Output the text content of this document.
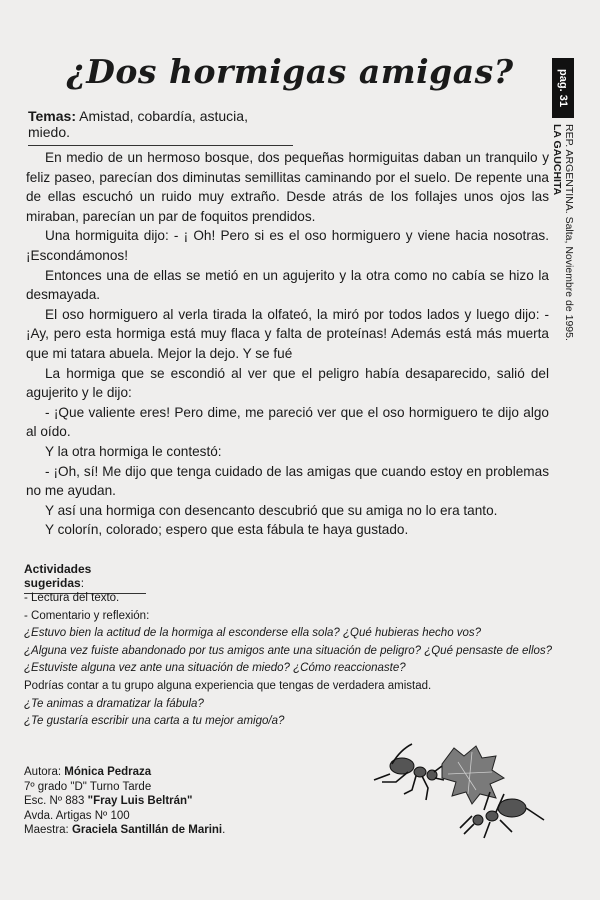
¿Dos hormigas amigas?
Temas: Amistad, cobardía, astucia, miedo.

En medio de un hermoso bosque, dos pequeñas hormiguitas daban un tranquilo y feliz paseo, parecían dos diminutas semillitas caminando por el suelo. De repente una de ellas escuchó un ruido muy extraño. Desde atrás de los follajes unos ojos las miraban, parecían un par de foquitos prendidos.

Una hormiguita dijo: - ¡ Oh! Pero si es el oso hormiguero y viene hacia nosotras. ¡Escondámonos!

Entonces una de ellas se metió en un agujerito y la otra como no cabía se hizo la desmayada.

El oso hormiguero al verla tirada la olfateó, la miró por todos lados y luego dijo: - ¡Ay, pero esta hormiga está muy flaca y falta de proteínas! Además está más muerta que mi tatara abuela. Mejor la dejo. Y se fué

La hormiga que se escondió al ver que el peligro había desaparecido, salió del agujerito y le dijo:

- ¡Que valiente eres! Pero dime, me pareció ver que el oso hormiguero te dijo algo al oído.

Y la otra hormiga le contestó:

- ¡Oh, sí! Me dijo que tenga cuidado de las amigas que cuando estoy en problemas no me ayudan.

Y así una hormiga con desencanto descubrió que su amiga no lo era tanto.

Y colorín, colorado; espero que esta fábula te haya gustado.

Actividades sugeridas:
- Lectura del texto.
- Comentario y reflexión:
¿Estuvo bien la actitud de la hormiga al esconderse ella sola? ¿Qué hubieras hecho vos?
¿Alguna vez fuiste abandonado por tus amigos ante una situación de peligro? ¿Qué pensaste de ellos?
¿Estuviste alguna vez ante una situación de miedo? ¿Cómo reaccionaste?
Podrías contar a tu grupo alguna experiencia que tengas de verdadera amistad.
¿Te animas a dramatizar la fábula?
¿Te gustaría escribir una carta a tu mejor amigo/a?
Autora: Mónica Pedraza
7º grado "D" Turno Tarde
Esc. Nº 883 "Fray Luis Beltrán"
Avda. Artigas Nº 100
Maestra: Graciela Santillán de Marini.
pag. 31
REP. ARGENTINA. Salta, Noviembre de 1995.
LA GAUCHITA
